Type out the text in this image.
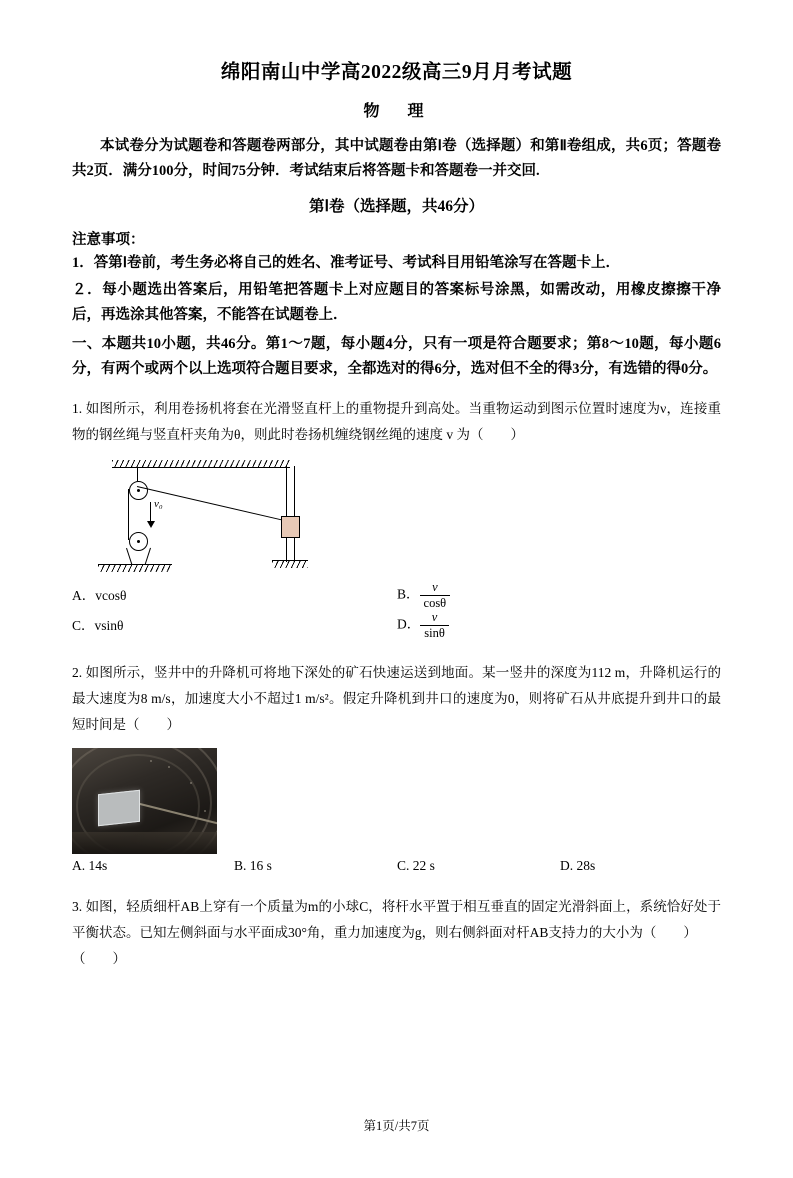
绵阳南山中学高2022级高三9月月考试题
物　理
本试卷分为试题卷和答题卷两部分，其中试题卷由第Ⅰ卷（选择题）和第Ⅱ卷组成，共6页；答题卷共2页．满分100分，时间75分钟．考试结束后将答题卡和答题卷一并交回.
第Ⅰ卷（选择题，共46分）
注意事项：
1．答第Ⅰ卷前，考生务必将自己的姓名、准考证号、考试科目用铅笔涂写在答题卡上．
２．每小题选出答案后，用铅笔把答题卡上对应题目的答案标号涂黑，如需改动，用橡皮擦擦干净后，再选涂其他答案，不能答在试题卷上．
一、本题共10小题，共46分。第1～7题，每小题4分，只有一项是符合题要求；第8～10题，每小题6分，有两个或两个以上选项符合题目要求，全都选对的得6分，选对但不全的得3分，有选错的得0分。
1. 如图所示，利用卷扬机将套在光滑竖直杆上的重物提升到高处。当重物运动到图示位置时速度为ν，连接重物的钢丝绳与竖直杆夹角为θ，则此时卷扬机缠绕钢丝绳的速度 v 为（　　）
v₀
A．vcosθ	B． $\frac{v}{\cos\theta}$
C．vsinθ	D． $\frac{v}{\sin\theta}$
2. 如图所示，竖井中的升降机可将地下深处的矿石快速运送到地面。某一竖井的深度为112 m，升降机运行的最大速度为8 m/s，加速度大小不超过1 m/s²。假定升降机到井口的速度为0，则将矿石从井底提升到井口的最短时间是（　　）
A. 14s	B. 16 s	C. 22 s	D. 28s
3. 如图，轻质细杆AB上穿有一个质量为m的小球C，将杆水平置于相互垂直的固定光滑斜面上，系统恰好处于平衡状态。已知左侧斜面与水平面成30°角，重力加速度为g，则右侧斜面对杆AB支持力的大小为（　　）
（　　）
第1页/共7页
